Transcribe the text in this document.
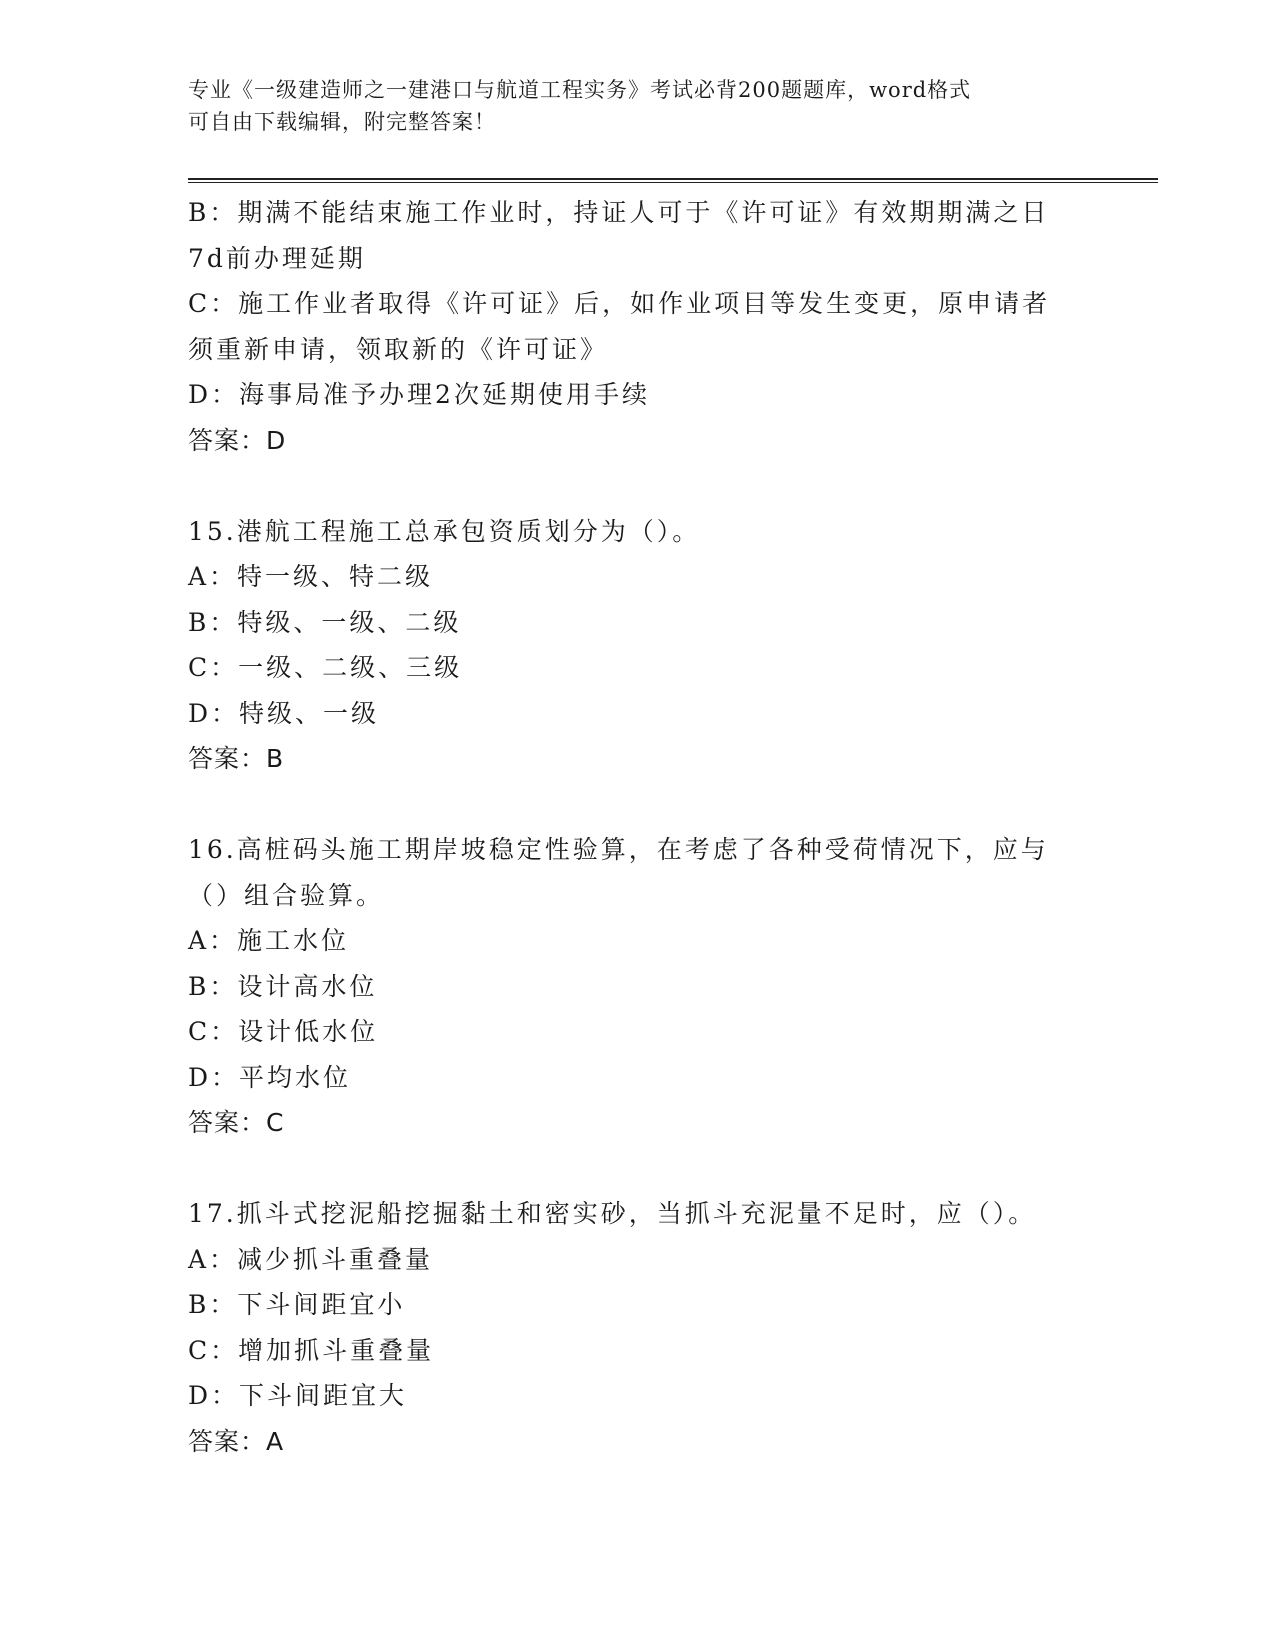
专业《一级建造师之一建港口与航道工程实务》考试必背200题题库，word格式
可自由下载编辑，附完整答案！
B：期满不能结束施工作业时，持证人可于《许可证》有效期期满之日
7d前办理延期
C：施工作业者取得《许可证》后，如作业项目等发生变更，原申请者
须重新申请，领取新的《许可证》
D：海事局准予办理2次延期使用手续
答案：D
15.港航工程施工总承包资质划分为（）。
A：特一级、特二级
B：特级、一级、二级
C：一级、二级、三级
D：特级、一级
答案：B
16.高桩码头施工期岸坡稳定性验算，在考虑了各种受荷情况下，应与
（）组合验算。
A：施工水位
B：设计高水位
C：设计低水位
D：平均水位
答案：C
17.抓斗式挖泥船挖掘黏土和密实砂，当抓斗充泥量不足时，应（）。
A：减少抓斗重叠量
B：下斗间距宜小
C：增加抓斗重叠量
D：下斗间距宜大
答案：A
